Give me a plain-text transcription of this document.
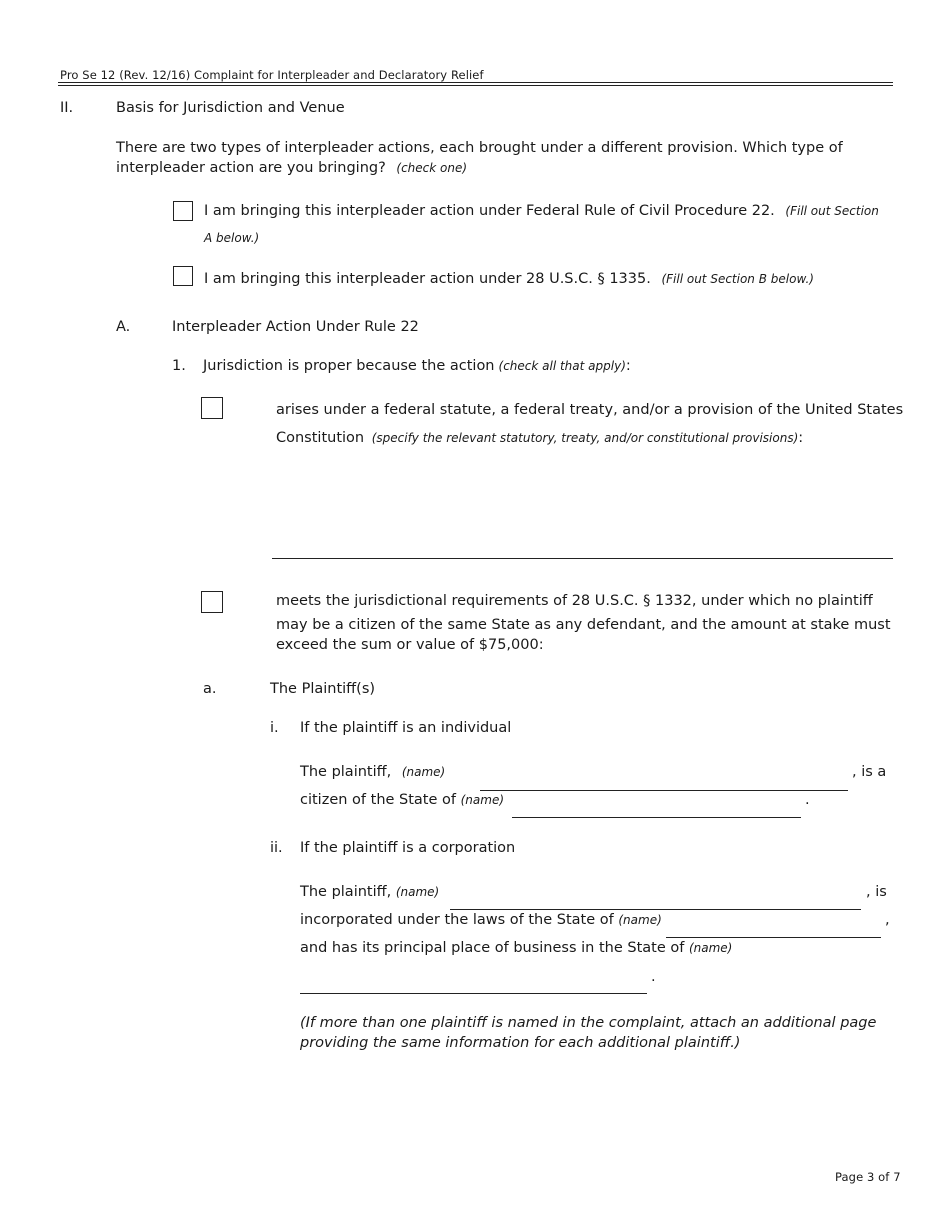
Pro Se 12 (Rev. 12/16) Complaint for Interpleader and Declaratory Relief
II.	Basis for Jurisdiction and Venue
There are two types of interpleader actions, each brought under a different provision. Which type of
interpleader action are you bringing? (check one)
I am bringing this interpleader action under Federal Rule of Civil Procedure 22. (Fill out Section
A below.)
I am bringing this interpleader action under 28 U.S.C. § 1335. (Fill out Section B below.)
A.	Interpleader Action Under Rule 22
1. Jurisdiction is proper because the action (check all that apply):
arises under a federal statute, a federal treaty, and/or a provision of the United States
Constitution (specify the relevant statutory, treaty, and/or constitutional provisions):
meets the jurisdictional requirements of 28 U.S.C. § 1332, under which no plaintiff
may be a citizen of the same State as any defendant, and the amount at stake must
exceed the sum or value of $75,000:
a.	The Plaintiff(s)
i. If the plaintiff is an individual
The plaintiff, (name)	, is a
citizen of the State of (name)	.
ii. If the plaintiff is a corporation
The plaintiff, (name)	, is
incorporated under the laws of the State of (name)	,
and has its principal place of business in the State of (name)
.
(If more than one plaintiff is named in the complaint, attach an additional page
providing the same information for each additional plaintiff.)
Page 3 of 7
